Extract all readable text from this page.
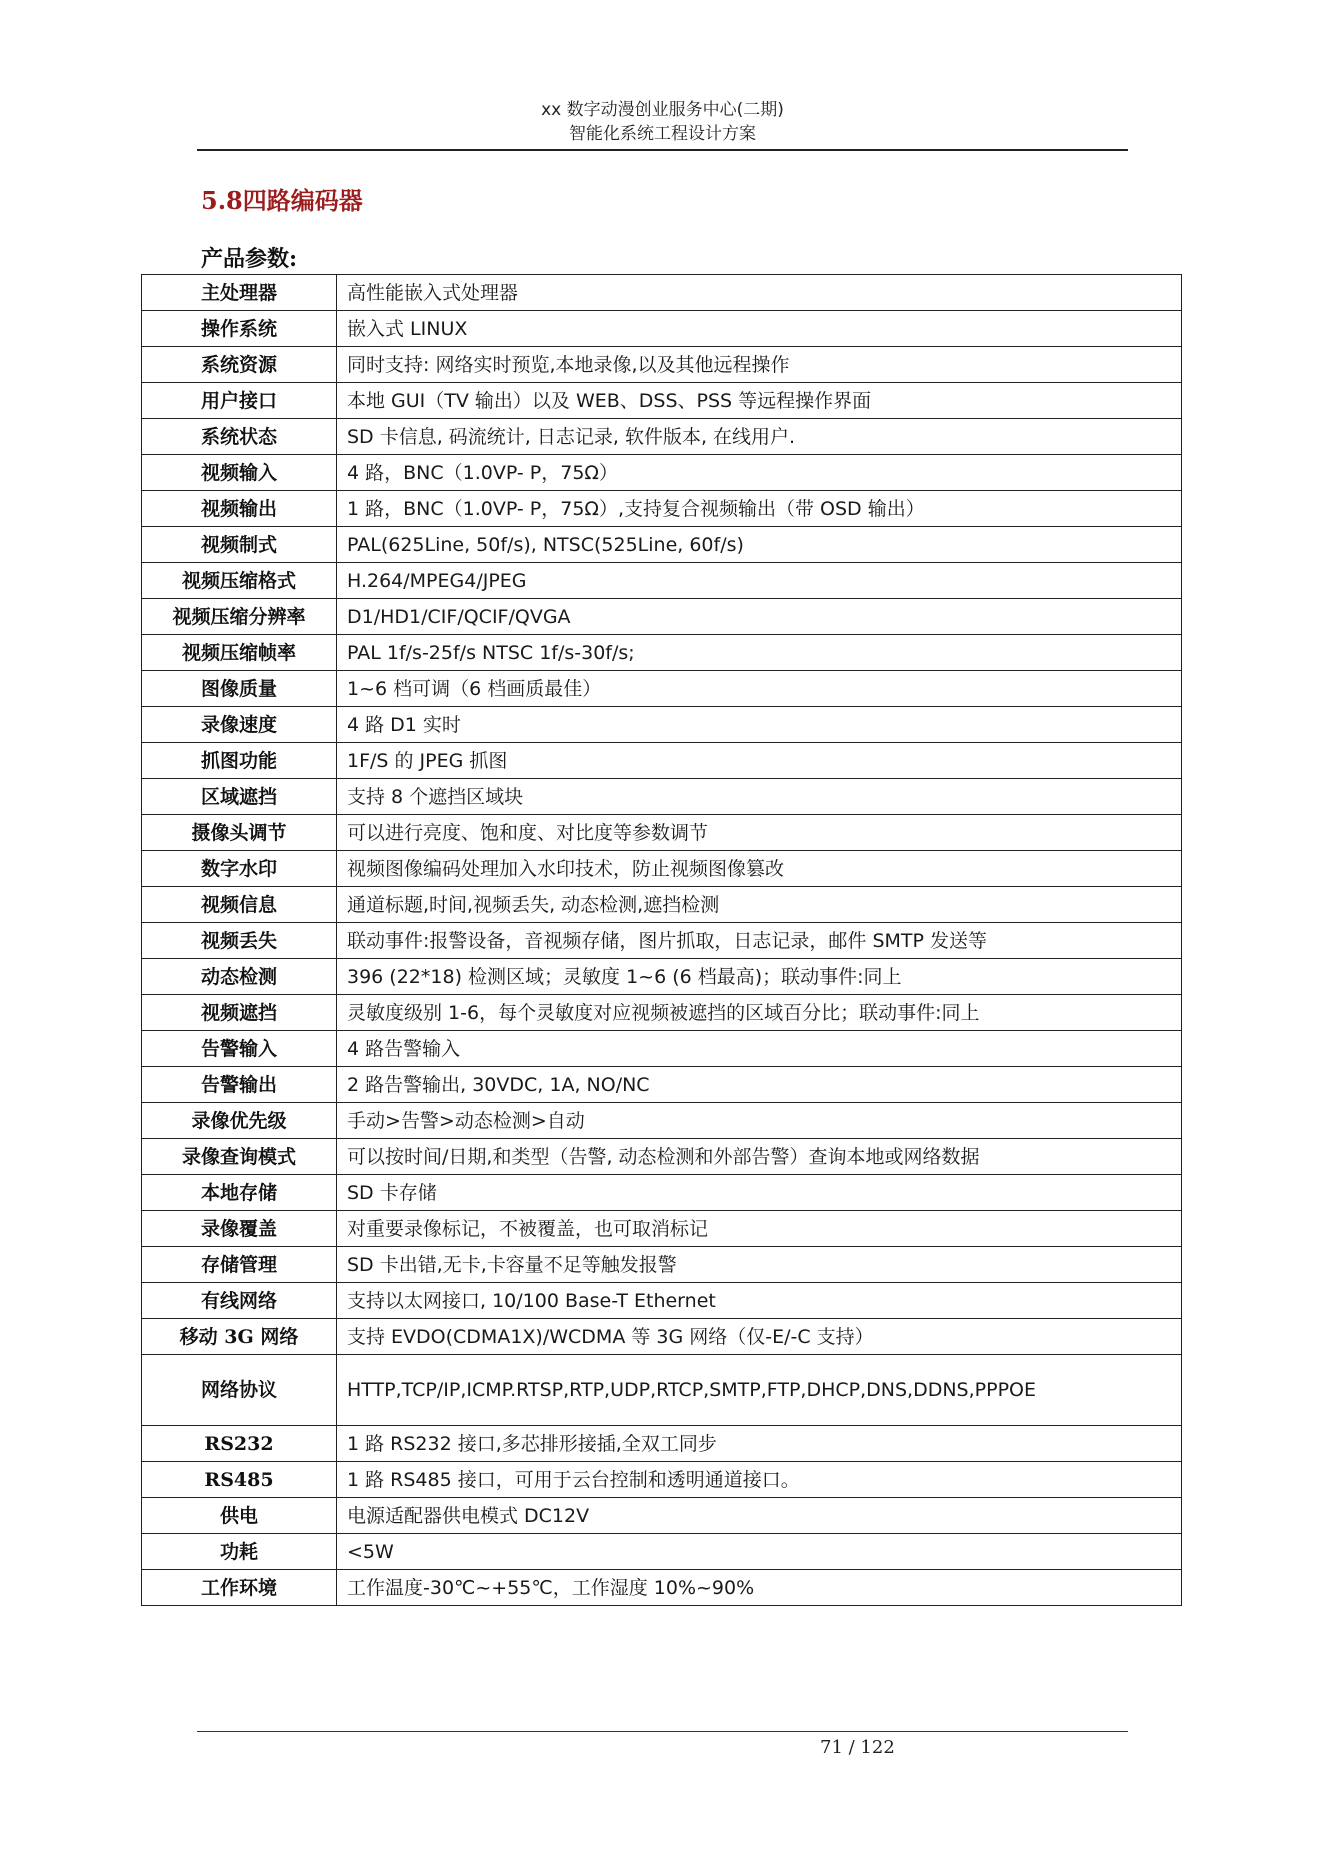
xx 数字动漫创业服务中心(二期)
智能化系统工程设计方案
5.8四路编码器
产品参数:
主处理器	高性能嵌入式处理器
操作系统	嵌入式 LINUX
系统资源	同时支持: 网络实时预览,本地录像,以及其他远程操作
用户接口	本地 GUI（TV 输出）以及 WEB、DSS、PSS 等远程操作界面
系统状态	SD 卡信息, 码流统计, 日志记录, 软件版本, 在线用户.
视频输入	4 路，BNC（1.0VP- P，75Ω）
视频输出	1 路，BNC（1.0VP- P，75Ω）,支持复合视频输出（带 OSD 输出）
视频制式	PAL(625Line, 50f/s), NTSC(525Line, 60f/s)
视频压缩格式	H.264/MPEG4/JPEG
视频压缩分辨率	D1/HD1/CIF/QCIF/QVGA
视频压缩帧率	PAL 1f/s-25f/s NTSC 1f/s-30f/s;
图像质量	1~6 档可调（6 档画质最佳）
录像速度	4 路 D1 实时
抓图功能	1F/S 的 JPEG 抓图
区域遮挡	支持 8 个遮挡区域块
摄像头调节	可以进行亮度、饱和度、对比度等参数调节
数字水印	视频图像编码处理加入水印技术，防止视频图像篡改
视频信息	通道标题,时间,视频丢失, 动态检测,遮挡检测
视频丢失	联动事件:报警设备，音视频存储，图片抓取，日志记录，邮件 SMTP 发送等
动态检测	396 (22*18) 检测区域；灵敏度 1~6 (6 档最高)；联动事件:同上
视频遮挡	灵敏度级别 1-6，每个灵敏度对应视频被遮挡的区域百分比；联动事件:同上
告警输入	4 路告警输入
告警输出	2 路告警输出, 30VDC, 1A, NO/NC
录像优先级	手动>告警>动态检测>自动
录像查询模式	可以按时间/日期,和类型（告警, 动态检测和外部告警）查询本地或网络数据
本地存储	SD 卡存储
录像覆盖	对重要录像标记，不被覆盖，也可取消标记
存储管理	SD 卡出错,无卡,卡容量不足等触发报警
有线网络	支持以太网接口, 10/100 Base-T Ethernet
移动 3G 网络	支持 EVDO(CDMA1X)/WCDMA 等 3G 网络（仅-E/-C 支持）
网络协议	HTTP,TCP/IP,ICMP.RTSP,RTP,UDP,RTCP,SMTP,FTP,DHCP,DNS,DDNS,PPPOE
RS232	1 路 RS232 接口,多芯排形接插,全双工同步
RS485	1 路 RS485 接口，可用于云台控制和透明通道接口。
供电	电源适配器供电模式 DC12V
功耗	<5W
工作环境	工作温度-30℃~+55℃，工作湿度 10%~90%
71 / 122
